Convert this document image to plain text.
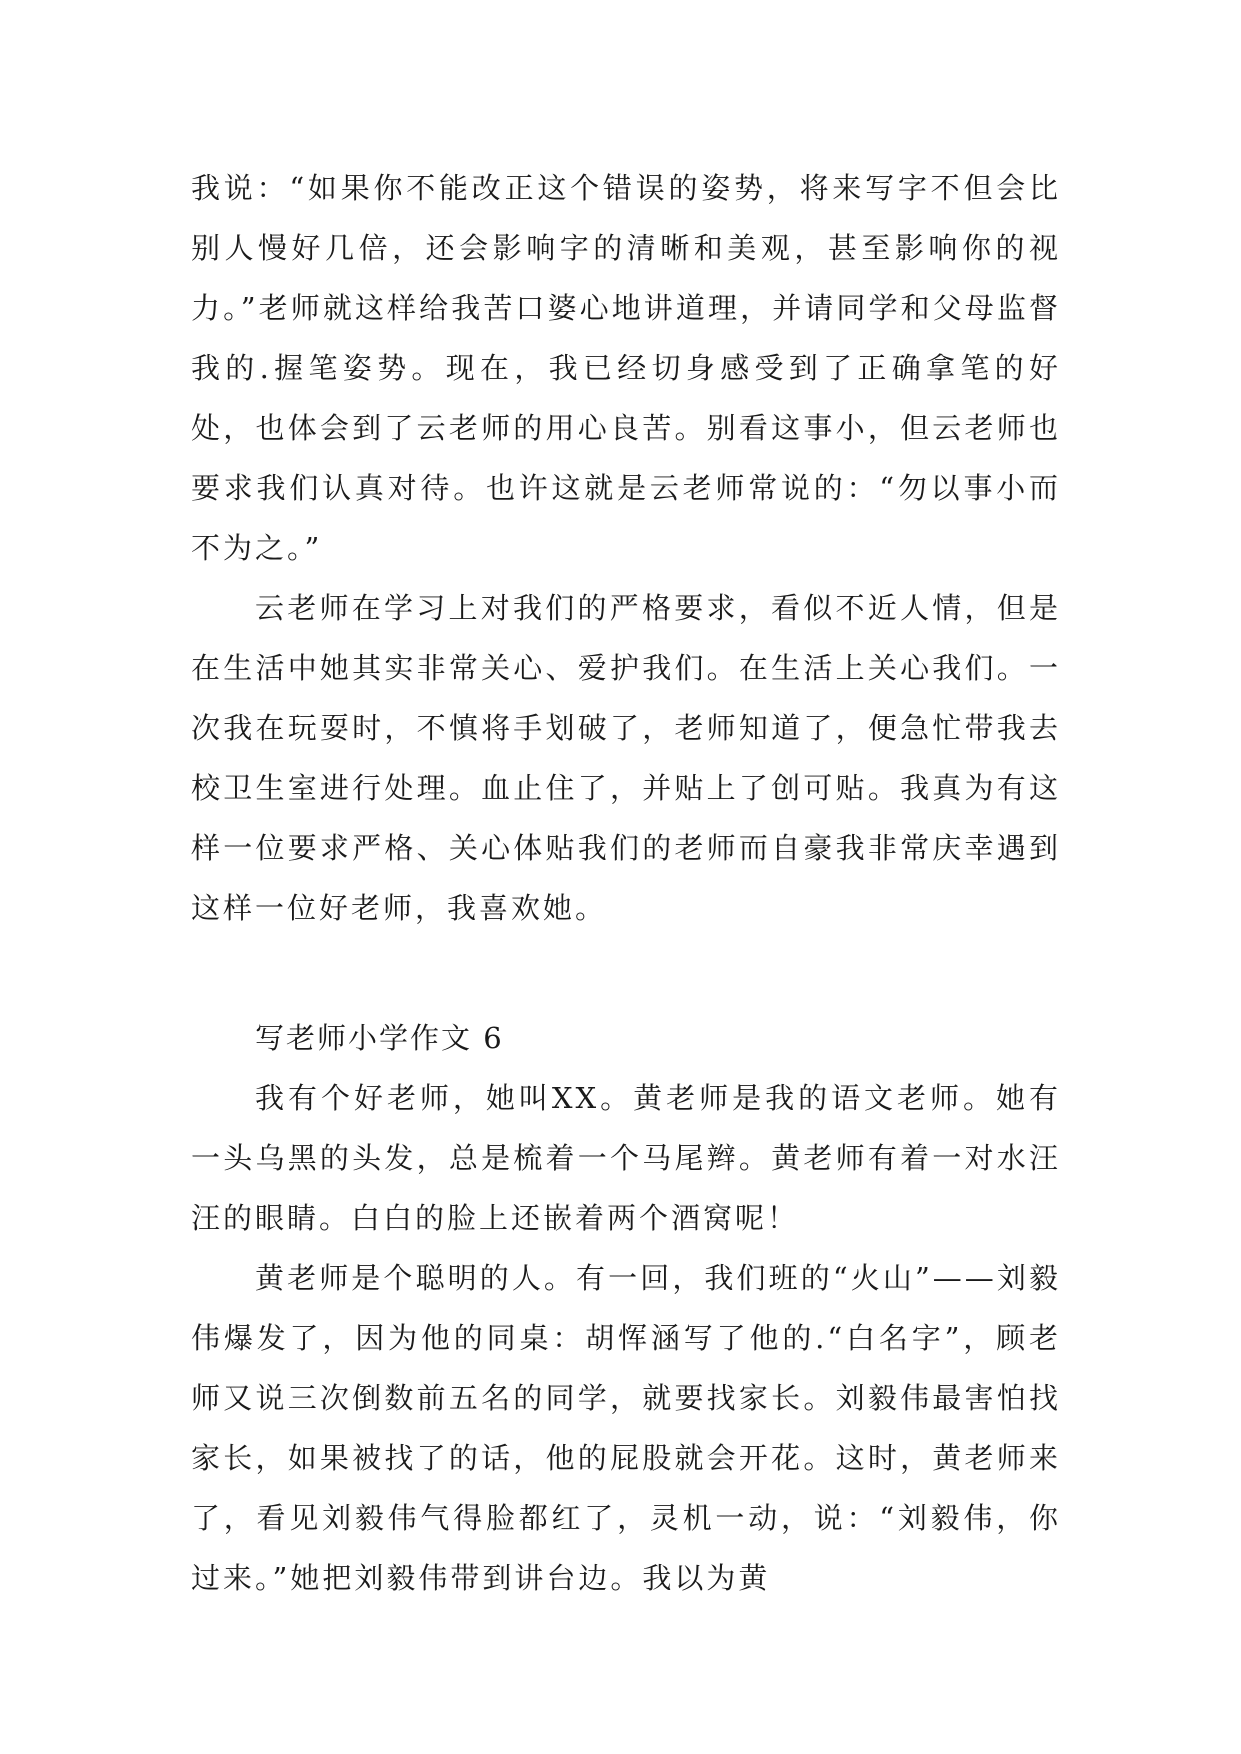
我说：“如果你不能改正这个错误的姿势，将来写字不但会比别人慢好几倍，还会影响字的清晰和美观，甚至影响你的视力。”老师就这样给我苦口婆心地讲道理，并请同学和父母监督我的.握笔姿势。现在，我已经切身感受到了正确拿笔的好处，也体会到了云老师的用心良苦。别看这事小，但云老师也要求我们认真对待。也许这就是云老师常说的：“勿以事小而不为之。”

云老师在学习上对我们的严格要求，看似不近人情，但是在生活中她其实非常关心、爱护我们。在生活上关心我们。一次我在玩耍时，不慎将手划破了，老师知道了，便急忙带我去校卫生室进行处理。血止住了，并贴上了创可贴。我真为有这样一位要求严格、关心体贴我们的老师而自豪我非常庆幸遇到这样一位好老师，我喜欢她。

写老师小学作文 6

我有个好老师，她叫XX。黄老师是我的语文老师。她有一头乌黑的头发，总是梳着一个马尾辫。黄老师有着一对水汪汪的眼睛。白白的脸上还嵌着两个酒窝呢！

黄老师是个聪明的人。有一回，我们班的“火山”——刘毅伟爆发了，因为他的同桌：胡恽涵写了他的.“白名字”，顾老师又说三次倒数前五名的同学，就要找家长。刘毅伟最害怕找家长，如果被找了的话，他的屁股就会开花。这时，黄老师来了，看见刘毅伟气得脸都红了，灵机一动，说：“刘毅伟，你过来。”她把刘毅伟带到讲台边。我以为黄
